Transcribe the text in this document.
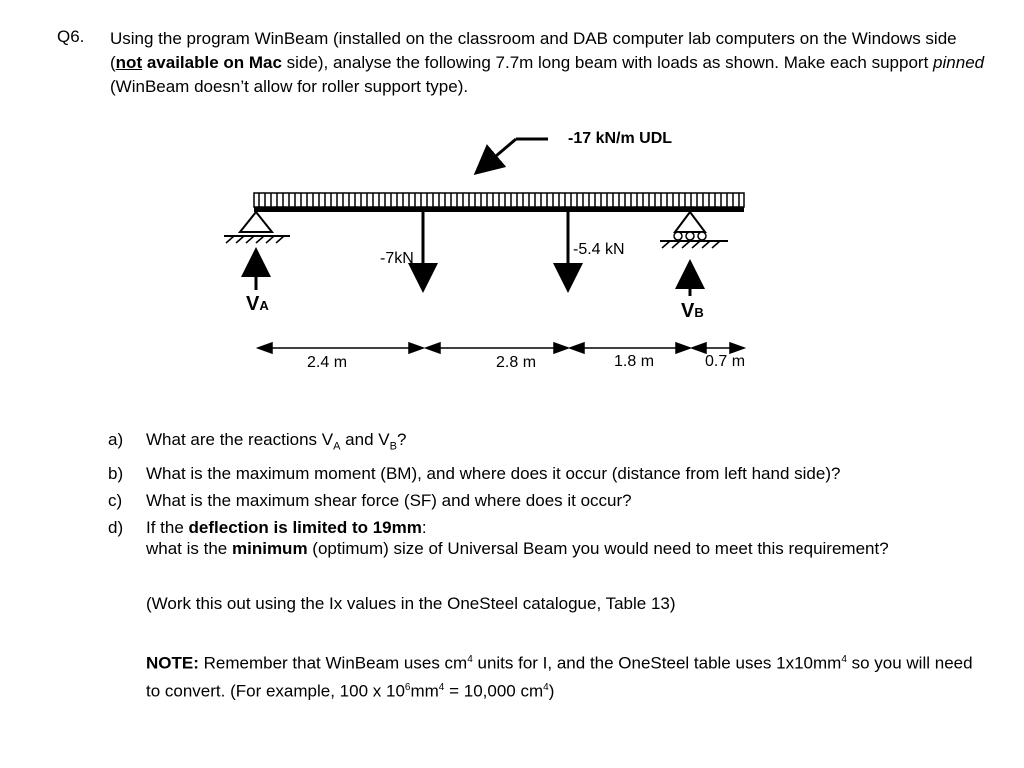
Q6. Using the program WinBeam (installed on the classroom and DAB computer lab computers on the Windows side (not available on Mac side), analyse the following 7.7m long beam with loads as shown. Make each support pinned (WinBeam doesn’t allow for roller support type).
-17 kN/m UDL
-7kN
-5.4 kN
VA	VB
2.4 m	2.8 m	1.8 m	0.7 m
a)	What are the reactions $V_A$ and $V_B$?
b)	What is the maximum moment (BM), and where does it occur (distance from left hand side)?
c)	What is the maximum shear force (SF) and where does it occur?
d)	If the deflection is limited to 19mm:
what is the minimum (optimum) size of Universal Beam you would need to meet this requirement?
(Work this out using the Ix values in the OneSteel catalogue, Table 13)
NOTE: Remember that WinBeam uses $cm^4$ units for I, and the OneSteel table uses $1x10mm^4$ so you will need to convert. (For example, 100 x $10^6mm^4 = 10,000$ $cm^4$)
